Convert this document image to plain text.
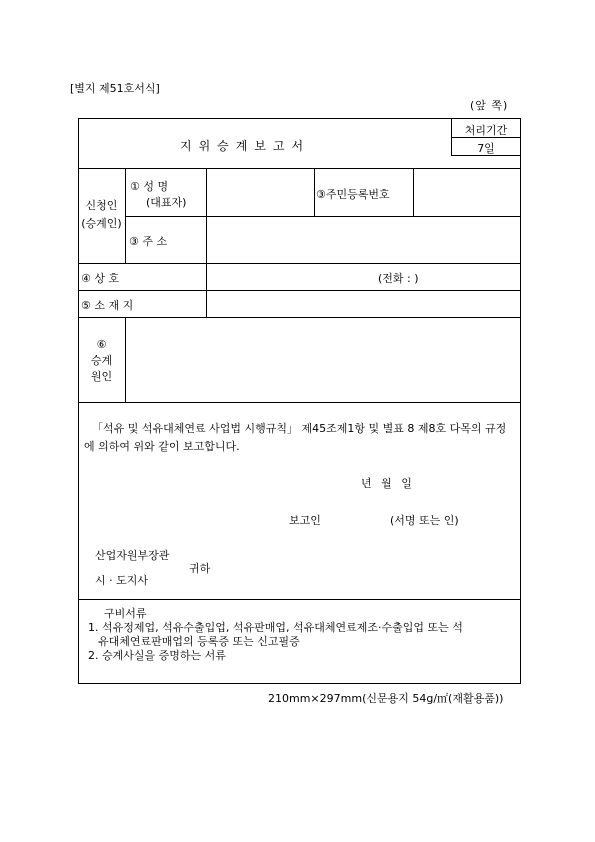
[별지 제51호서식]
(앞 쪽)
지위승계보고서
처리기간
7일
신청인
(승계인)
① 성 명
(대표자)
③주민등록번호
③ 주 소
④ 상 호	(전화 : )
⑤ 소 재 지
⑥
승계
원인
「석유 및 석유대체연료 사업법 시행규칙」 제45조제1항 및 별표 8 제8호 다목의 규정에 의하여 위와 같이 보고합니다.
년 월 일
보고인	(서명 또는 인)
산업자원부장관
시 · 도지사
귀하
구비서류
1. 석유정제업, 석유수출입업, 석유판매업, 석유대체연료제조·수출입업 또는 석
유대체연료판매업의 등록증 또는 신고필증
2. 승계사실을 증명하는 서류
210mm×297mm(신문용지 54g/㎡(재활용품))
